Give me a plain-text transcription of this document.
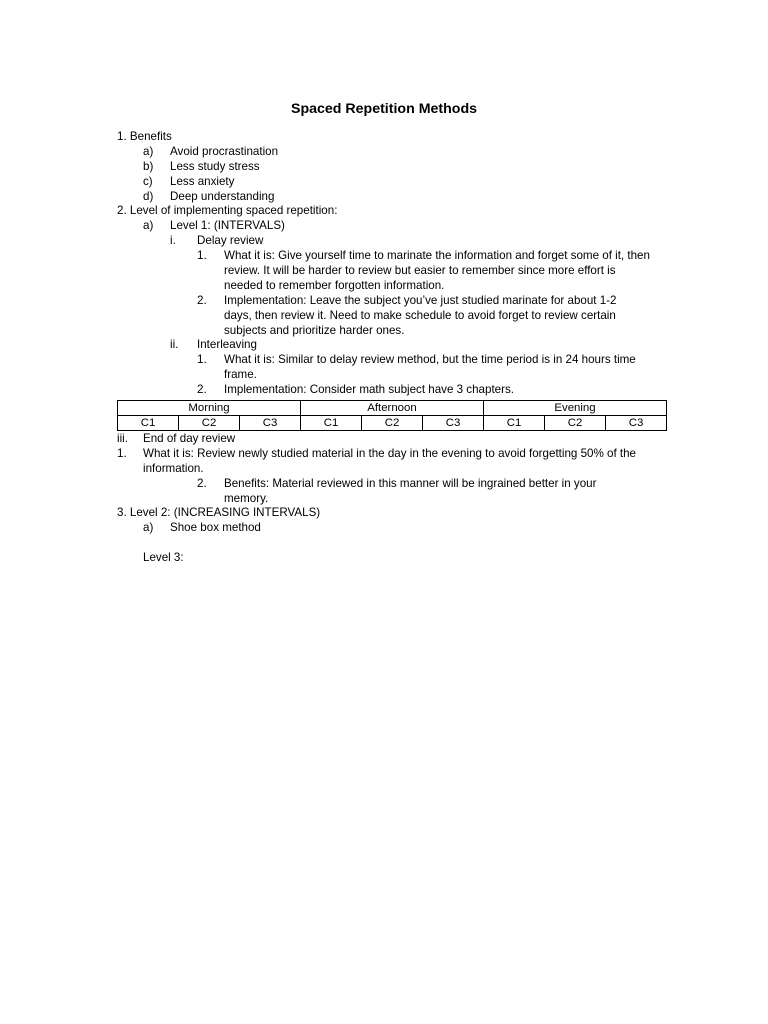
Spaced Repetition Methods
1. Benefits
a) Avoid procrastination
b) Less study stress
c) Less anxiety
d) Deep understanding
2. Level of implementing spaced repetition:
a) Level 1: (INTERVALS)
i. Delay review
1. What it is: Give yourself time to marinate the information and forget some of it, then review. It will be harder to review but easier to remember since more effort is needed to remember forgotten information.
2. Implementation: Leave the subject you’ve just studied marinate for about 1-2 days, then review it. Need to make schedule to avoid forget to review certain subjects and prioritize harder ones.
ii. Interleaving
1. What it is: Similar to delay review method, but the time period is in 24 hours time frame.
2. Implementation: Consider math subject have 3 chapters.
Morning			Afternoon			Evening		
C1	C2	C3	C1	C2	C3	C1	C2	C3
iii. End of day review
1. What it is: Review newly studied material in the day in the evening to avoid forgetting 50% of the information.
2. Benefits: Material reviewed in this manner will be ingrained better in your memory.
3. Level 2: (INCREASING INTERVALS)
a) Shoe box method
Level 3:
